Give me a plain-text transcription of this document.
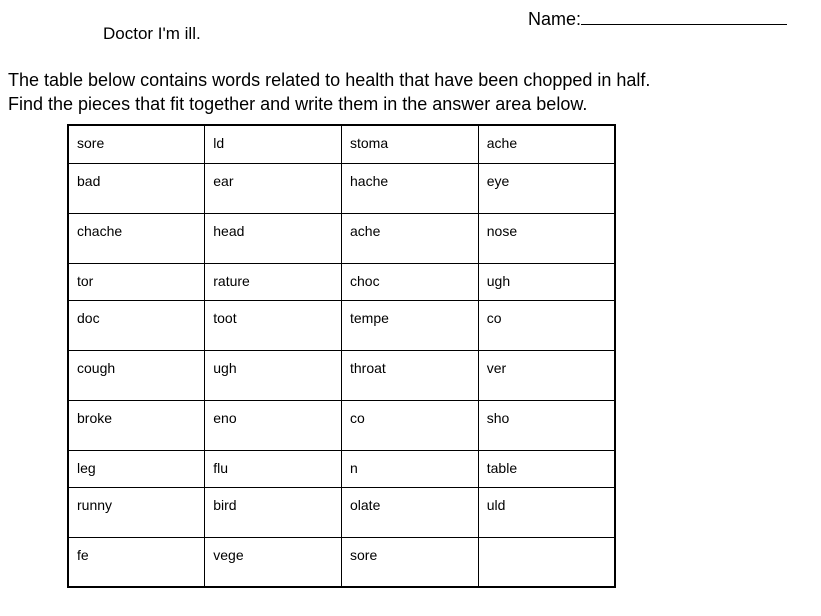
Doctor I'm ill.
Name:
The table below contains words related to health that have been chopped in half.
Find the pieces that fit together and write them in the answer area below.
sore	ld	stoma	ache
bad	ear	hache	eye
chache	head	ache	nose
tor	rature	choc	ugh
doc	toot	tempe	co
cough	ugh	throat	ver
broke	eno	co	sho
leg	flu	n	table
runny	bird	olate	uld
fe	vege	sore	
